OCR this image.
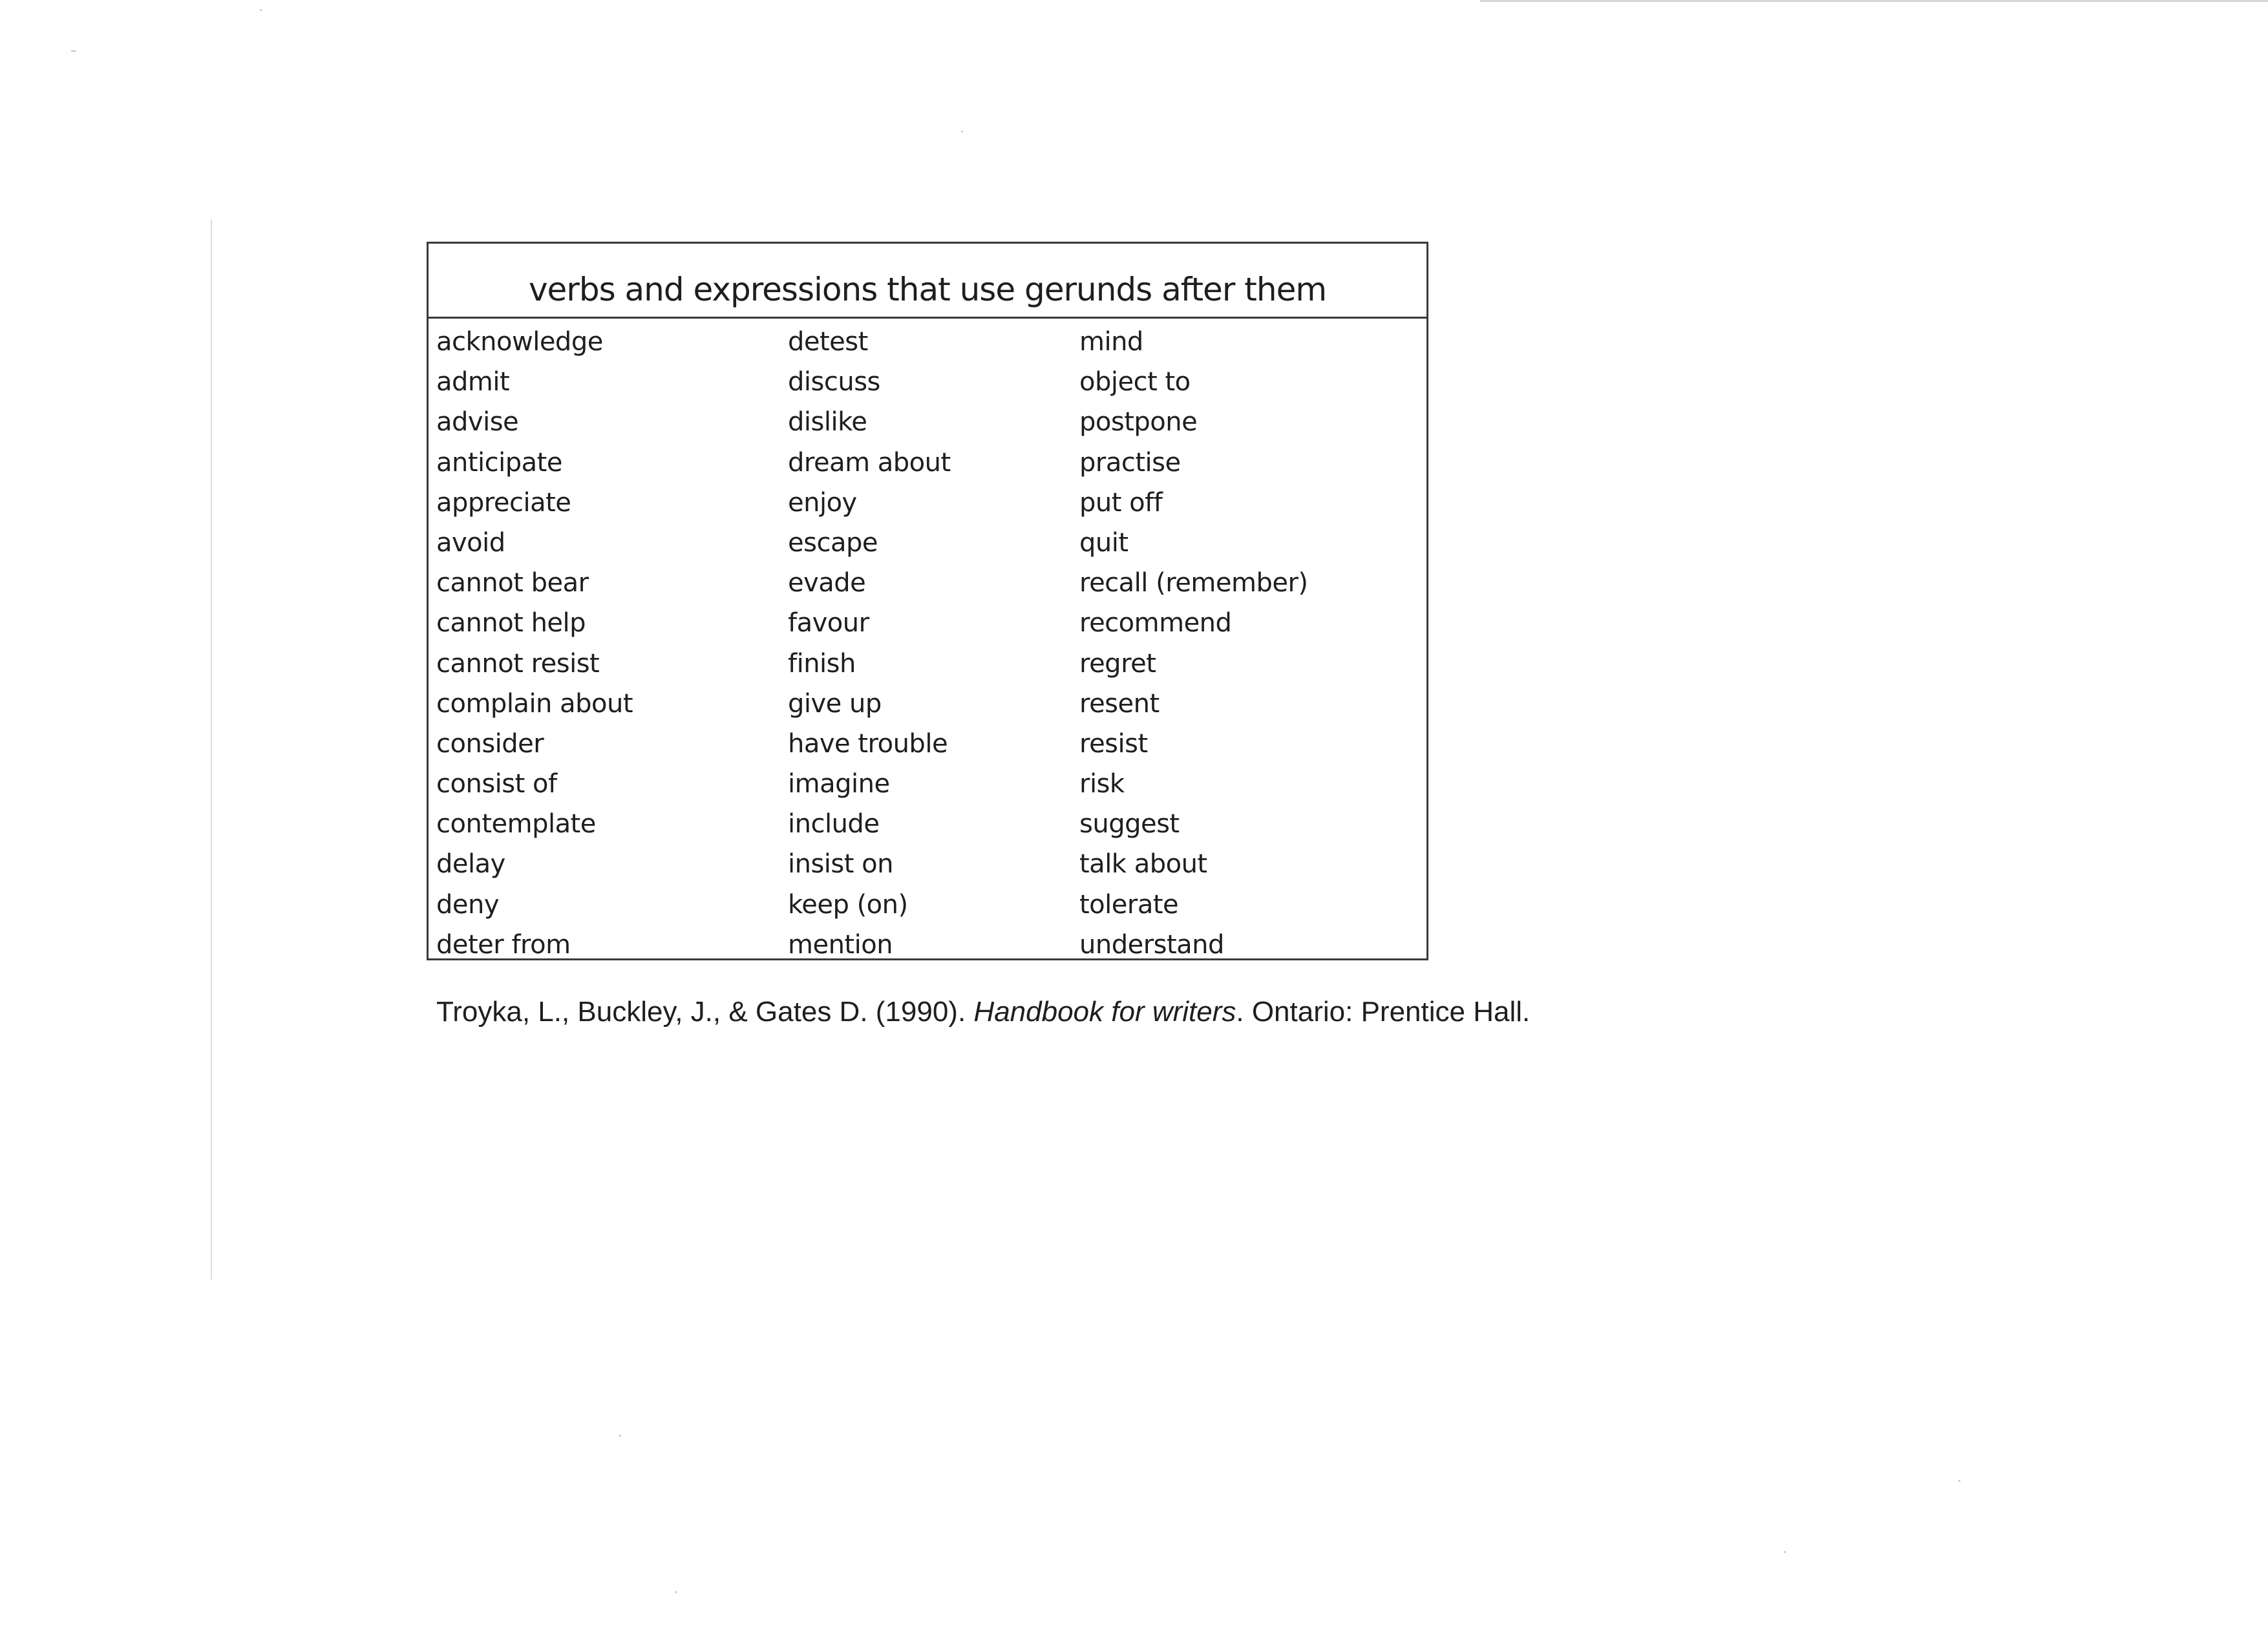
verbs and expressions that use gerunds after them
acknowledge
admit
advise
anticipate
appreciate
avoid
cannot bear
cannot help
cannot resist
complain about
consider
consist of
contemplate
delay
deny
deter from
detest
discuss
dislike
dream about
enjoy
escape
evade
favour
finish
give up
have trouble
imagine
include
insist on
keep (on)
mention
mind
object to
postpone
practise
put off
quit
recall (remember)
recommend
regret
resent
resist
risk
suggest
talk about
tolerate
understand
Troyka, L., Buckley, J., & Gates D. (1990). Handbook for writers. Ontario: Prentice Hall.
